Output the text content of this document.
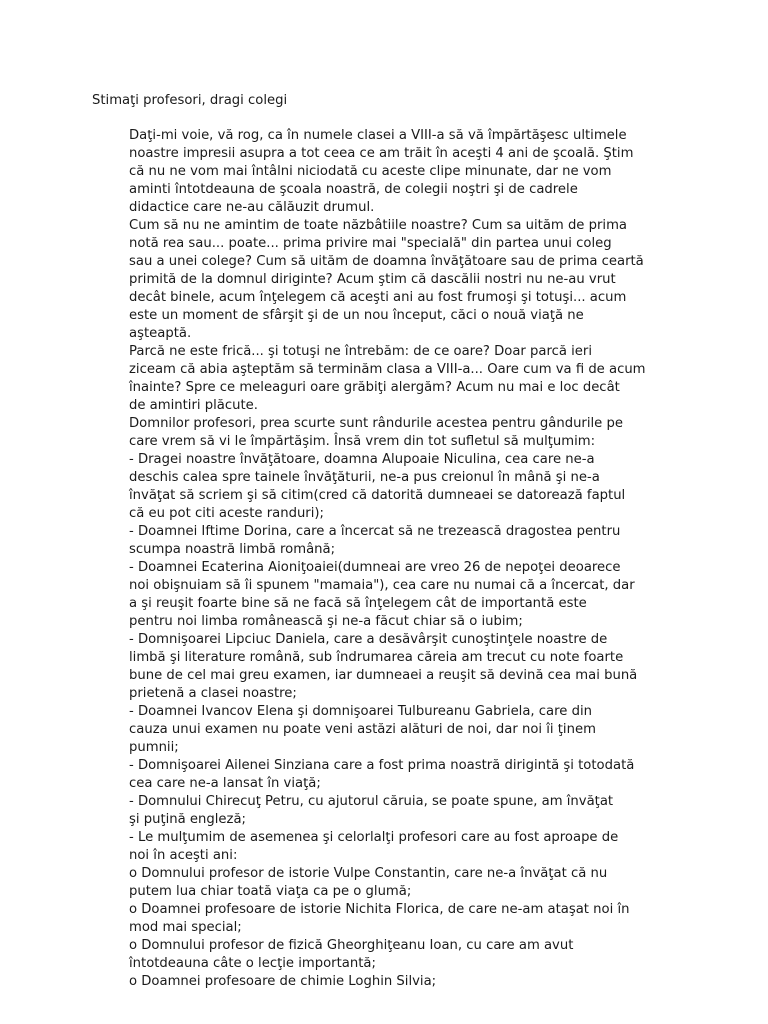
Stimaţi profesori, dragi colegi
Daţi-mi voie, vă rog, ca în numele clasei a VIII-a să vă împărtăşesc ultimele
noastre impresii asupra a tot ceea ce am trăit în aceşti 4 ani de şcoală. Ştim
că nu ne vom mai întâlni niciodată cu aceste clipe minunate, dar ne vom
aminti întotdeauna de şcoala noastră, de colegii noştri şi de cadrele
didactice care ne-au călăuzit drumul.
Cum să nu ne amintim de toate năzbâtiile noastre? Cum sa uităm de prima
notă rea sau... poate... prima privire mai "specială" din partea unui coleg
sau a unei colege? Cum să uităm de doamna învăţătoare sau de prima ceartă
primită de la domnul diriginte? Acum ştim că dascălii nostri nu ne-au vrut
decât binele, acum înţelegem că aceşti ani au fost frumoşi şi totuşi... acum
este un moment de sfârşit şi de un nou început, căci o nouă viaţă ne
aşteaptă.
Parcă ne este frică... şi totuşi ne întrebăm: de ce oare? Doar parcă ieri
ziceam că abia aşteptăm să terminăm clasa a VIII-a... Oare cum va fi de acum
înainte? Spre ce meleaguri oare grăbiţi alergăm? Acum nu mai e loc decât
de amintiri plăcute.
Domnilor profesori, prea scurte sunt rândurile acestea pentru gândurile pe
care vrem să vi le împărtăşim. Însă vrem din tot sufletul să mulţumim:
- Dragei noastre învăţătoare, doamna Alupoaie Niculina, cea care ne-a
deschis calea spre tainele învăţăturii, ne-a pus creionul în mână şi ne-a
învăţat să scriem şi să citim(cred că datorită dumneaei se datorează faptul
că eu pot citi aceste randuri);
- Doamnei Iftime Dorina, care a încercat să ne trezească dragostea pentru
scumpa noastră limbă română;
- Doamnei Ecaterina Aioniţoaiei(dumneai are vreo 26 de nepoţei deoarece
noi obişnuiam să îi spunem "mamaia"), cea care nu numai că a încercat, dar
a şi reuşit foarte bine să ne facă să înţelegem cât de importantă este
pentru noi limba românească şi ne-a făcut chiar să o iubim;
- Domnişoarei Lipciuc Daniela, care a desăvârşit cunoştinţele noastre de
limbă şi literature română, sub îndrumarea căreia am trecut cu note foarte
bune de cel mai greu examen, iar dumneaei a reuşit să devină cea mai bună
prietenă a clasei noastre;
- Doamnei Ivancov Elena şi domnişoarei Tulbureanu Gabriela, care din
cauza unui examen nu poate veni astăzi alături de noi, dar noi îi ţinem
pumnii;
- Domnişoarei Ailenei Sinziana care a fost prima noastră dirigintă şi totodată
cea care ne-a lansat în viaţă;
- Domnului Chirecuţ Petru, cu ajutorul căruia, se poate spune, am învăţat
şi puţină engleză;
- Le mulţumim de asemenea şi celorlalţi profesori care au fost aproape de
noi în aceşti ani:
o Domnului profesor de istorie Vulpe Constantin, care ne-a învăţat că nu
putem lua chiar toată viaţa ca pe o glumă;
o Doamnei profesoare de istorie Nichita Florica, de care ne-am ataşat noi în
mod mai special;
o Domnului profesor de fizică Gheorghiţeanu Ioan, cu care am avut
întotdeauna câte o lecţie importantă;
o Doamnei profesoare de chimie Loghin Silvia;
